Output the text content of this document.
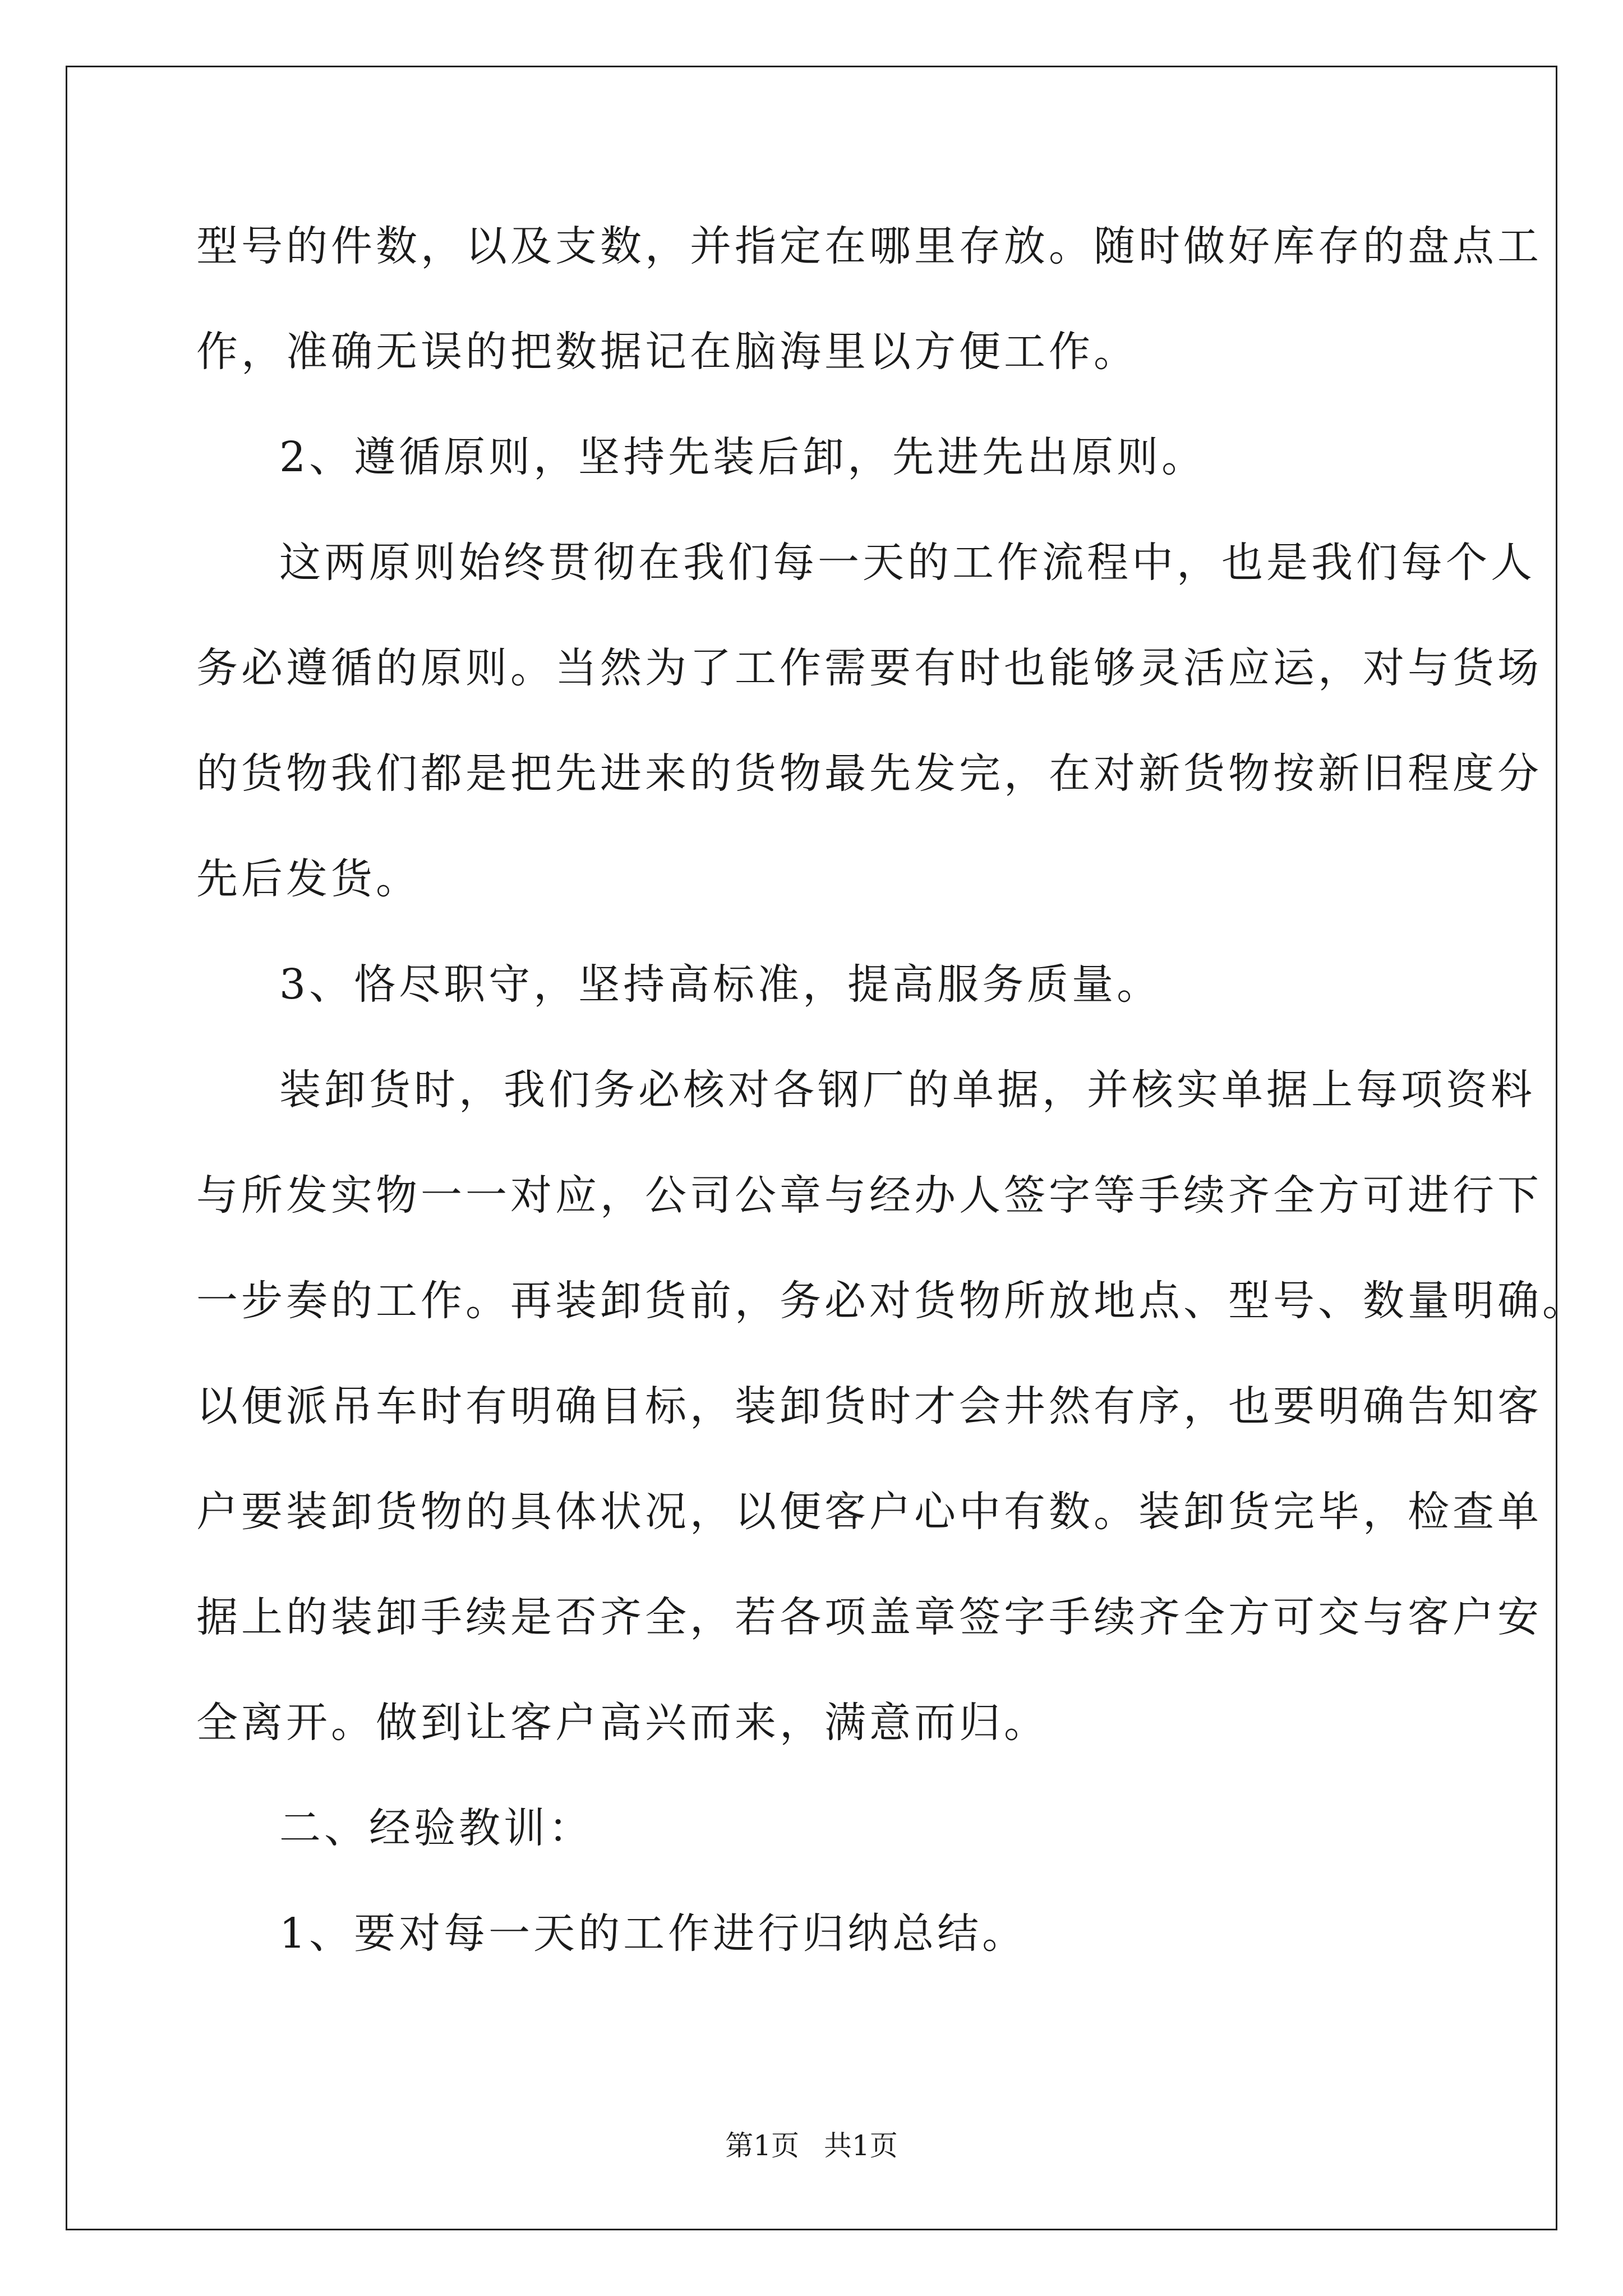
型号的件数，以及支数，并指定在哪里存放。随时做好库存的盘点工
作，准确无误的把数据记在脑海里以方便工作。
2、遵循原则，坚持先装后卸，先进先出原则。
这两原则始终贯彻在我们每一天的工作流程中，也是我们每个人
务必遵循的原则。当然为了工作需要有时也能够灵活应运，对与货场
的货物我们都是把先进来的货物最先发完，在对新货物按新旧程度分
先后发货。
3、恪尽职守，坚持高标准，提高服务质量。
装卸货时，我们务必核对各钢厂的单据，并核实单据上每项资料
与所发实物一一对应，公司公章与经办人签字等手续齐全方可进行下
一步奏的工作。再装卸货前，务必对货物所放地点、型号、数量明确。
以便派吊车时有明确目标，装卸货时才会井然有序，也要明确告知客
户要装卸货物的具体状况，以便客户心中有数。装卸货完毕，检查单
据上的装卸手续是否齐全，若各项盖章签字手续齐全方可交与客户安
全离开。做到让客户高兴而来，满意而归。
二、经验教训：
1、要对每一天的工作进行归纳总结。
第1页 共1页
